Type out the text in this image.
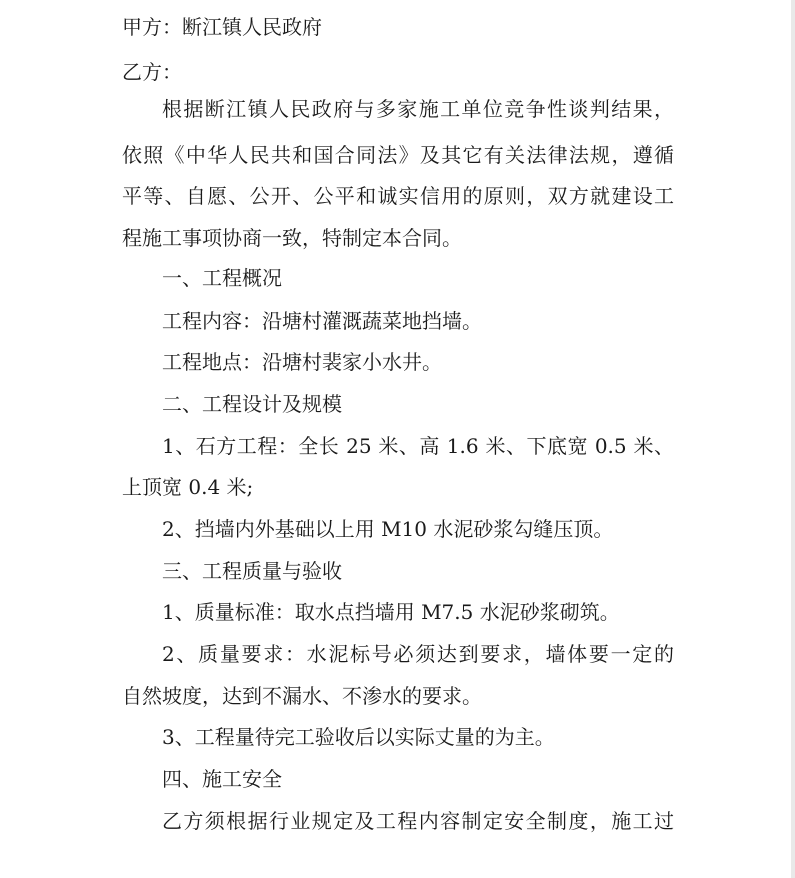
甲方：断江镇人民政府
乙方：
根据断江镇人民政府与多家施工单位竞争性谈判结果，
依照《中华人民共和国合同法》及其它有关法律法规，遵循
平等、自愿、公开、公平和诚实信用的原则，双方就建设工
程施工事项协商一致，特制定本合同。
一、工程概况
工程内容：沿塘村灌溉蔬菜地挡墙。
工程地点：沿塘村裴家小水井。
二、工程设计及规模
1、石方工程：全长 25 米、高 1.6 米、下底宽 0.5 米、
上顶宽 0.4 米;
2、挡墙内外基础以上用 M10 水泥砂浆勾缝压顶。
三、工程质量与验收
1、质量标准：取水点挡墙用 M7.5 水泥砂浆砌筑。
2、质量要求：水泥标号必须达到要求，墙体要一定的
自然坡度，达到不漏水、不渗水的要求。
3、工程量待完工验收后以实际丈量的为主。
四、施工安全
乙方须根据行业规定及工程内容制定安全制度，施工过
